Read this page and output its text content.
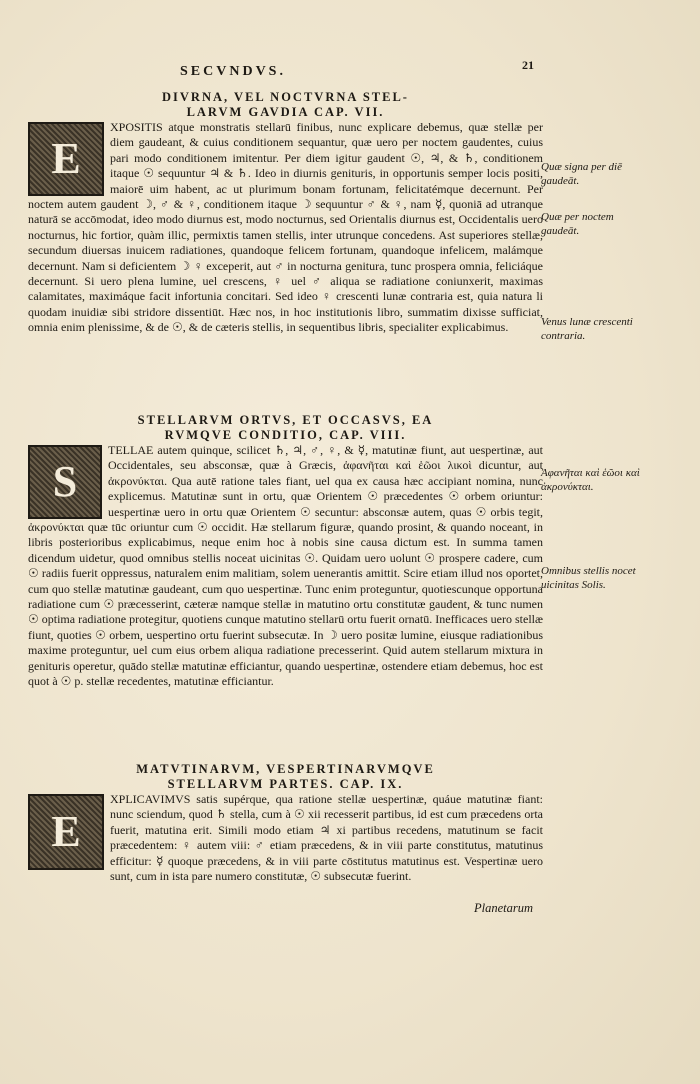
SECVNDVS.	21
DIVRNA, VEL NOCTVRNA STEL-
LARVM GAVDIA CAP. VII.
E

XPOSITIS atque monstratis stellarū finibus, nunc explicare debemus, quæ stellæ per diem gaudeant, & cuius conditionem sequantur, quæ uero per noctem gaudentes, cuius pari modo conditionem imitentur. Per diem igitur gaudent ☉, ♃, & ♄, conditionem itaque ☉ sequuntur ♃ & ♄. Ideo in diurnis genituris, in opportunis semper locis positi, maiorē uim habent, ac ut plurimum bonam fortunam, felicitatémque decernunt. Per noctem autem gaudent ☽, ♂ & ♀, conditionem itaque ☽ sequuntur ♂ & ♀, nam ☿, quoniā ad utranque naturā se accōmodat, ideo modo diurnus est, modo nocturnus, sed Orientalis diurnus est, Occidentalis uero nocturnus, hic fortior, quàm illic, permixtis tamen stellis, inter utrunque concedens. Ast superiores stellæ, secundum diuersas inuicem radiationes, quandoque felicem fortunam, quandoque infelicem, malámque decernunt. Nam si deficientem ☽ ♀ exceperit, aut ♂ in nocturna genitura, tunc prospera omnia, feliciáque decernunt. Si uero plena lumine, uel crescens, ♀ uel ♂ aliqua se radiatione coniunxerit, maximas calamitates, maximáque facit infortunia concitari. Sed ideo ♀ crescenti lunæ contraria est, quia natura li quodam inuidiæ sibi stridore dissentiūt. Hæc nos, in hoc institutionis libro, summatim dixisse sufficiat, omnia enim plenissime, & de ☉, & de cæteris stellis, in sequentibus libris, specialiter explicabimus.

STELLARVM ORTVS, ET OCCASVS, EA
RVMQVE CONDITIO, CAP. VIII.
S

TELLAE autem quinque, scilicet ♄, ♃, ♂, ♀, & ☿, matutinæ fiunt, aut uespertinæ, aut Occidentales, seu absconsæ, quæ à Græcis, ἀφανῆται καὶ ἑῶοι λικοὶ dicuntur, aut ἀκρονύκται. Qua autē ratione tales fiant, uel qua ex causa hæc accipiant nomina, nunc explicemus. Matutinæ sunt in ortu, quæ Orientem ☉ præcedentes ☉ orbem oriuntur: uespertinæ uero in ortu quæ Orientem ☉ secuntur: absconsæ autem, quas ☉ orbis tegit, ἀκρονύκται quæ tūc oriuntur cum ☉ occidit. Hæ stellarum figuræ, quando prosint, & quando noceant, in libris posterioribus explicabimus, neque enim hoc à nobis sine causa dictum est. In summa tamen dicendum uidetur, quod omnibus stellis noceat uicinitas ☉. Quidam uero uolunt ☉ prospere cadere, cum ☉ radiis fuerit oppressus, naturalem enim malitiam, solem uenerantis amittit. Scire etiam illud nos oportet, cum quo stellæ matutinæ gaudeant, cum quo uespertinæ. Tunc enim proteguntur, quotiescunque opportuna radiatione cum ☉ præcesserint, cæteræ namque stellæ in matutino ortu constitutæ gaudent, & tunc numen ☉ optima radiatione protegitur, quotiens cunque matutino stellarū ortu fuerit ornatū. Inefficaces uero stellæ fiunt, quoties ☉ orbem, uespertino ortu fuerint subsecutæ. In ☽ uero positæ lumine, eiusque radiationibus maxime proteguntur, uel cum eius orbem aliqua radiatione precesserint. Quid autem stellarum mixtura in genituris operetur, quādo stellæ matutinæ efficiantur, quando uespertinæ, ostendere etiam debemus, hoc est quot à ☉ p. stellæ recedentes, matutinæ efficiantur.

MATVTINARVM, VESPERTINARVMQVE
STELLARVM PARTES. CAP. IX.
E

XPLICAVIMVS satis supérque, qua ratione stellæ uespertinæ, quáue matutinæ fiant: nunc sciendum, quod ♄ stella, cum à ☉ xii recesserit partibus, id est cum præcedens orta fuerit, matutina erit. Simili modo etiam ♃ xi partibus recedens, matutinum se facit præcedentem: ♀ autem viii: ♂ etiam præcedens, & in viii parte constitutus, matutinus efficitur: ☿ quoque præcedens, & in viii parte cōstitutus matutinus est. Vespertinæ uero sunt, cum in ista pare numero constitutæ, ☉ subsecutæ fuerint.

Planetarum
Quæ signa per diē gaudeāt.
Quæ per noctem gaudeāt.
Venus lunæ crescenti contraria.
Ἀφανῆται καὶ ἑῶοι καὶ ἀκρονύκται.
Omnibus stellis nocet uicinitas Solis.
